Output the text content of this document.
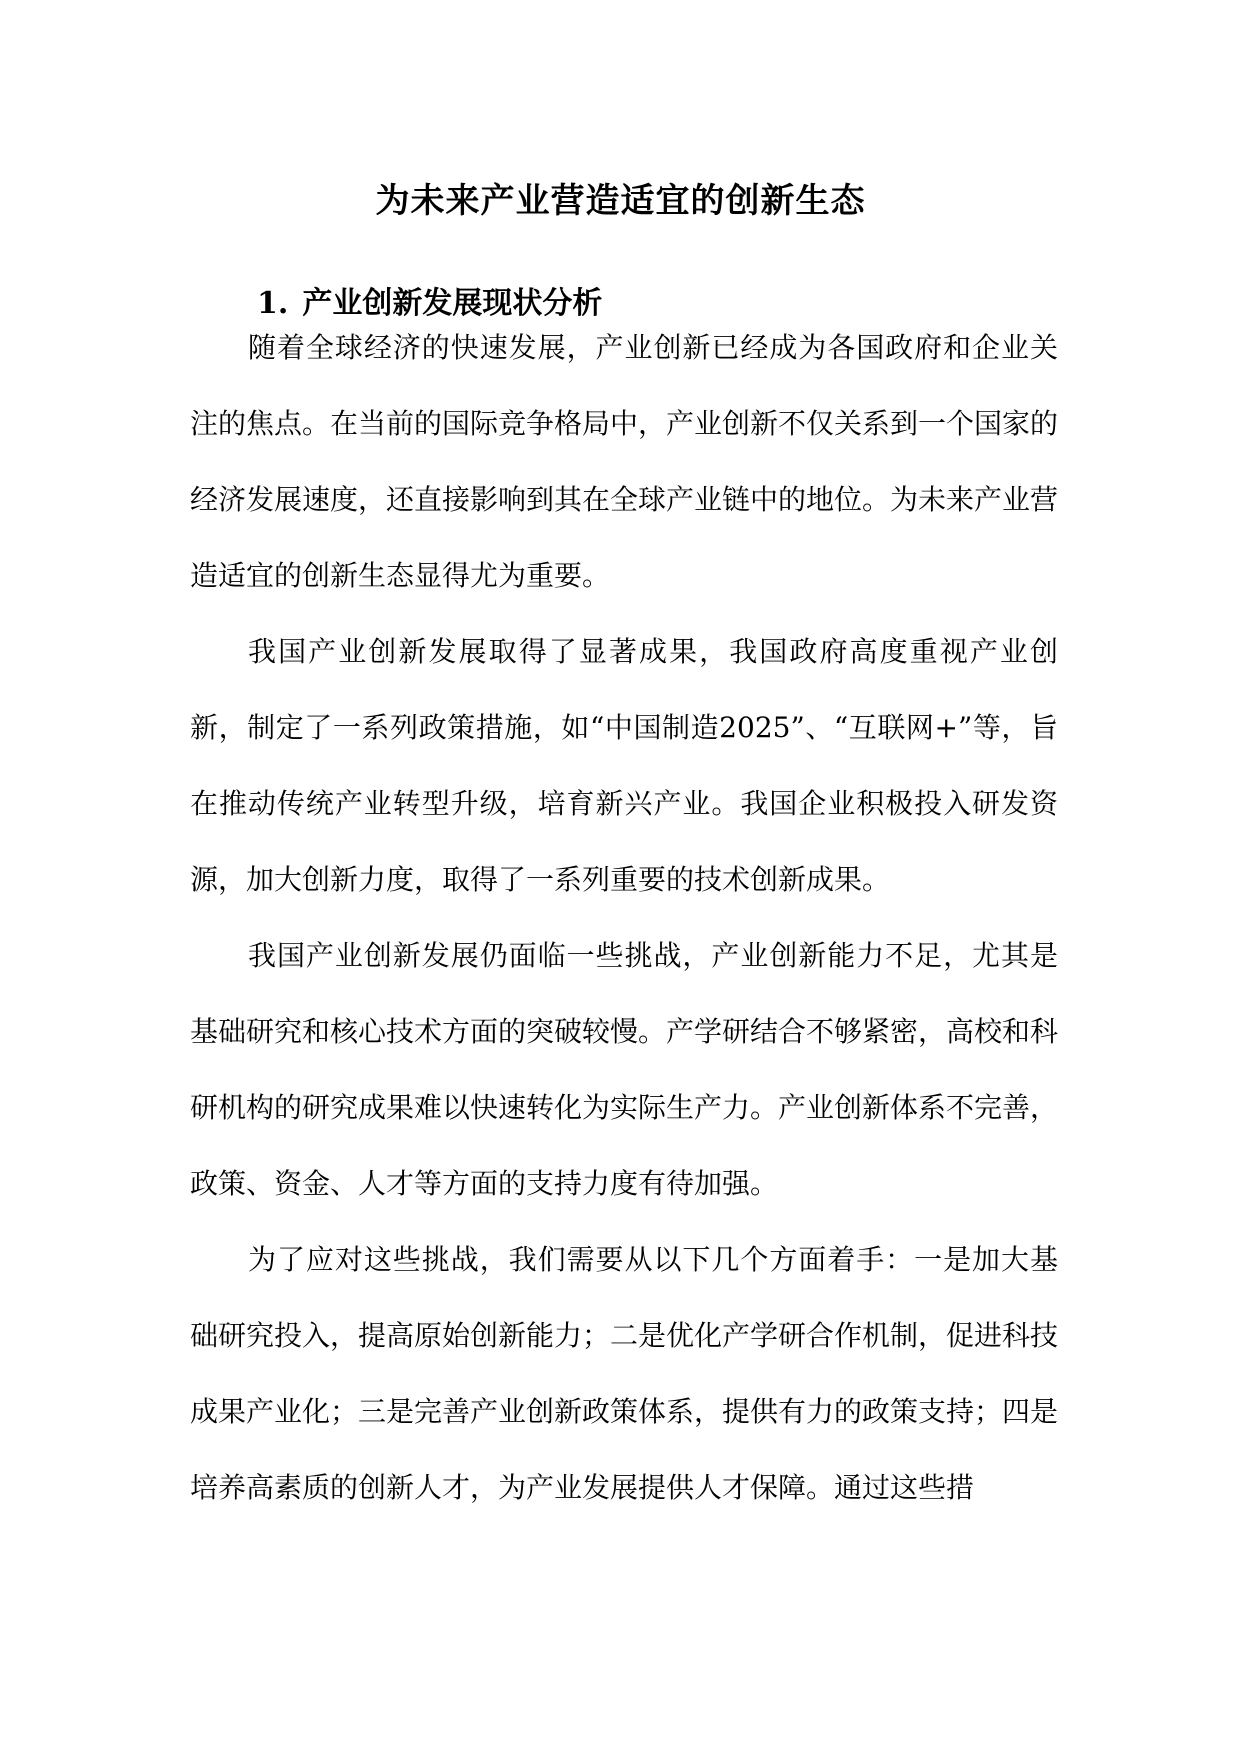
为未来产业营造适宜的创新生态
1. 产业创新发展现状分析

随着全球经济的快速发展，产业创新已经成为各国政府和企业关注的焦点。在当前的国际竞争格局中，产业创新不仅关系到一个国家的经济发展速度，还直接影响到其在全球产业链中的地位。为未来产业营造适宜的创新生态显得尤为重要。

我国产业创新发展取得了显著成果，我国政府高度重视产业创新，制定了一系列政策措施，如“中国制造2025”、“互联网+”等，旨在推动传统产业转型升级，培育新兴产业。我国企业积极投入研发资源，加大创新力度，取得了一系列重要的技术创新成果。

我国产业创新发展仍面临一些挑战，产业创新能力不足，尤其是基础研究和核心技术方面的突破较慢。产学研结合不够紧密，高校和科研机构的研究成果难以快速转化为实际生产力。产业创新体系不完善，政策、资金、人才等方面的支持力度有待加强。

为了应对这些挑战，我们需要从以下几个方面着手：一是加大基础研究投入，提高原始创新能力；二是优化产学研合作机制，促进科技成果产业化；三是完善产业创新政策体系，提供有力的政策支持；四是培养高素质的创新人才，为产业发展提供人才保障。通过这些措
